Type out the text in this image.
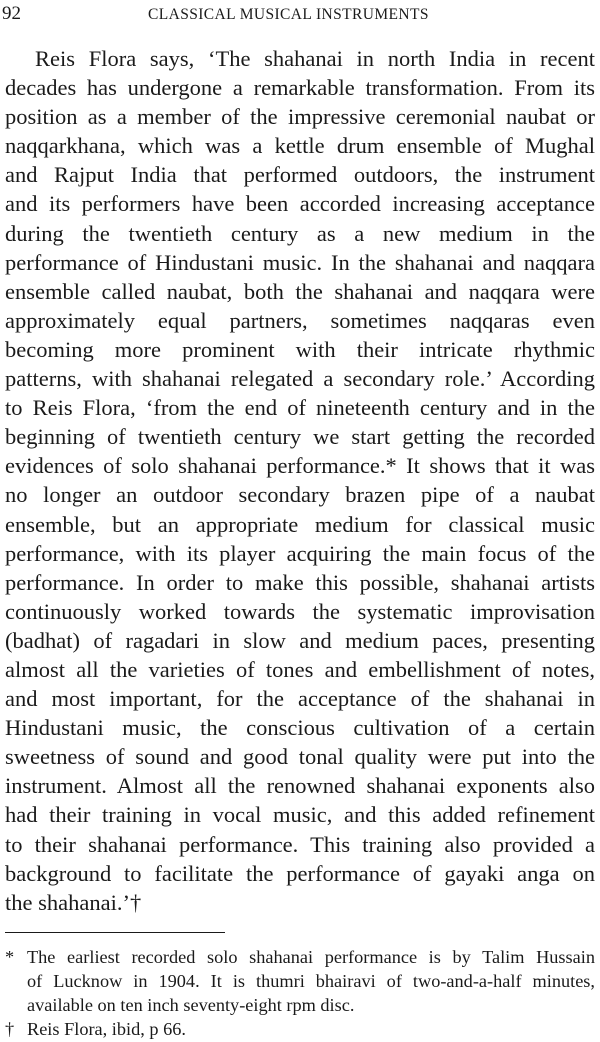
92	CLASSICAL MUSICAL INSTRUMENTS
Reis Flora says, ‘The shahanai in north India in recent
decades has undergone a remarkable transformation. From its
position as a member of the impressive ceremonial naubat or
naqqarkhana, which was a kettle drum ensemble of Mughal
and Rajput India that performed outdoors, the instrument
and its performers have been accorded increasing acceptance
during the twentieth century as a new medium in the
performance of Hindustani music. In the shahanai and naqqara
ensemble called naubat, both the shahanai and naqqara were
approximately equal partners, sometimes naqqaras even
becoming more prominent with their intricate rhythmic
patterns, with shahanai relegated a secondary role.’ According
to Reis Flora, ‘from the end of nineteenth century and in the
beginning of twentieth century we start getting the recorded
evidences of solo shahanai performance.* It shows that it was
no longer an outdoor secondary brazen pipe of a naubat
ensemble, but an appropriate medium for classical music
performance, with its player acquiring the main focus of the
performance. In order to make this possible, shahanai artists
continuously worked towards the systematic improvisation
(badhat) of ragadari in slow and medium paces, presenting
almost all the varieties of tones and embellishment of notes,
and most important, for the acceptance of the shahanai in
Hindustani music, the conscious cultivation of a certain
sweetness of sound and good tonal quality were put into the
instrument. Almost all the renowned shahanai exponents also
had their training in vocal music, and this added refinement
to their shahanai performance. This training also provided a
background to facilitate the performance of gayaki anga on
the shahanai.’†
* The earliest recorded solo shahanai performance is by Talim Hussain
of Lucknow in 1904. It is thumri bhairavi of two-and-a-half minutes,
available on ten inch seventy-eight rpm disc.
† Reis Flora, ibid, p 66.
